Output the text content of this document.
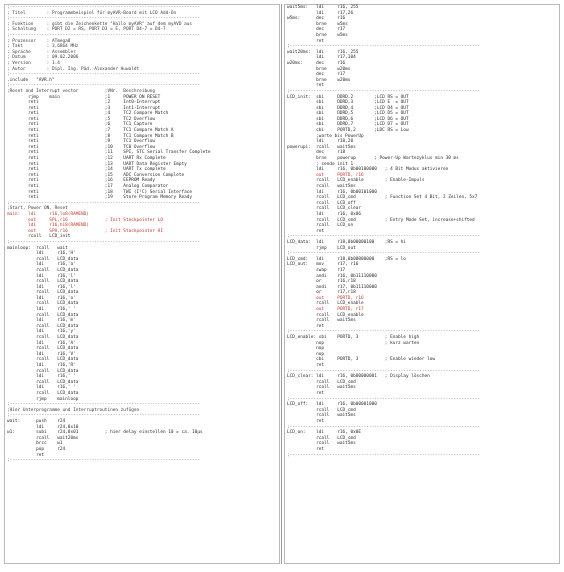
;------------------------------------------------------------------------
; Titel        : Programmbeispiel für myAVR-Board mit LCD Add-On
;------------------------------------------------------------------------
; Funktion     : gibt die Zeichenkette "Hallo myAVR" auf dem myAVD aus
; Schaltung    : PORT D2 = RS, PORT D3 = E, PORT D4-7 = D4-7
;------------------------------------------------------------------------
; Prozessor    : ATmega8
; Takt         : 3,6864 MHz
; Sprache      : Assembler
; Datum        : 09.02.2006
; Version      : 1.4
; Autor        : Dipl. Ing. Päd. Alexander Huwaldt
;------------------------------------------------------------------------
.include   "AVR.h"
;------------------------------------------------------------------------
;Reset and Interrupt vector          ;VNr.  Beschreibung
rjmp    main                 ;1     POWER ON RESET
reti                         ;2     Int0-Interrupt
reti                         ;3     Int1-Interrupt
reti                         ;4     TC2 Compare Match
reti                         ;5     TC2 Overflow
reti                         ;6     TC1 Capture
reti                         ;7     TC1 Compare Match A
reti                         ;8     TC1 Compare Match B
reti                         ;9     TC1 Overflow
reti                         ;10    TC0 Overflow
reti                         ;11    SPI, STC Serial Transfer Complete
reti                         ;12    UART Rx Complete
reti                         ;13    UART Data Register Empty
reti                         ;14    UART Tx complete
reti                         ;15    ADC Conversion Complete
reti                         ;16    EEPROM Ready
reti                         ;17    Analog Comparator
reti                         ;18    TWI (I²C) Serial Interface
reti                         ;19    Store Program Memory Ready
;------------------------------------------------------------------------
;Start, Power ON, Reset
main:   ldi     r16,lo8(RAMEND)
out     SPL,r16              ; Init Stackpointer LO
ldi     r16,hi8(RAMEND)
out     SPH,r16              ; Init Stackpointer HI
rcall   LCD_init
;------------------------------------------------------------------------
mainloop:  rcall   wait
ldi     r16,'H'
rcall   LCD_data
ldi     r16,'a'
rcall   LCD_data
ldi     r16,'l'
rcall   LCD_data
ldi     r16,'l'
rcall   LCD_data
ldi     r16,'o'
rcall   LCD_data
ldi     r16,' '
rcall   LCD_data
ldi     r16,'m'
rcall   LCD_data
ldi     r16,'y'
rcall   LCD_data
ldi     r16,'A'
rcall   LCD_data
ldi     r16,'V'
rcall   LCD_data
ldi     r16,'R'
rcall   LCD_data
ldi     r16,' '
rcall   LCD_data
ldi     r16,' '
rcall   LCD_data
rjmp    mainloop
;------------------------------------------------------------------------
;Hier Unterprogramme und Interruptroutinen zufügen
;------------------------------------------------------------------------
wait:      push    r24
ldi     r24,0x10
w1:        subi    r24,0x01          ; hier delay einstellen 10 = ca. 10µs
rcall   wait20ms
brcc    w1
pop     r24
ret
;------------------------------------------------------------------------
wait5ms:   ldi     r16, 255
ldi     r17,26
w5ms:      dec     r16
brne    w5ms
dec     r17
brne    w5ms
ret
;------------------------------------------------------------------------
wait20ms:  ldi     r16, 255
ldi     r17,104
w20ms:     dec     r16
brne    w20ms
dec     r17
brne    w20ms
ret
;------------------------------------------------------------------------
LCD_init:  sbi     DDRD,2        ;LCD RS = OUT
sbi     DDRD,3        ;LCD E  = OUT
sbi     DDRD,4        ;LCD D4 = OUT
sbi     DDRD,5        ;LCD D5 = OUT
sbi     DDRD,6        ;LCD D6 = OUT
sbi     DDRD,7        ;LCD D7 = OUT
cbi     PORTD,2       ;LDC RS = Low
;warte bis PowerUp
ldi     r18,20
powerupi:  rcall   wait5ms
dec     r18
brne    powerup       ; Power-Up Wartezyklus min 30 ms
; sende init 1
ldi     r16, 0b00100000   ; 4 Bit Modus aktivieren
out     PORTD, r16
rcall   LCD_enable        ; Enable-Impuls
rcall   wait5ms
ldi     r16, 0b00101000
rcall   LCD_cmd           ; Function Set 4 Bit, 2 Zeilen, 5x7
rcall   LCD_off
rcall   LCD_clear
ldi     r16, 0x06
rcall   LCD_cmd           ; Entry Mode Set, increase+shifted
rcall   LCD_on
ret
;------------------------------------------------------------------------
LCD_data:  ldi     r18,0b00000100    ;RS = hi
rjmp    LCD_out
;------------------------------------------------------------------------
LCD_cmd:   ldi     r18,0b00000000    ;RS = lo
LCD_out:   mov     r17, r16
swap    r17
andi    r16, 0b11110000
or      r16,r18
andi    r17, 0b11110000
or      r17,r18
out     PORTD, r16
rcall   LCD_enable
out     PORTD, r17
rcall   LCD_enable
rcall   wait5ms
ret
;------------------------------------------------------------------------
LCD_enable: sbi    PORTD, 3          ; Enable high
nop                       ; kurz warten
nop
nop
cbi     PORTD, 3          ; Enable wieder low
ret
;------------------------------------------------------------------------
LCD_clear: ldi     r16, 0b00000001   ; Display löschen
rcall   LCD_cmd
rcall   wait5ms
ret
;------------------------------------------------------------------------
LCD_off:   ldi     r16, 0b00001000
rcall   LCD_cmd
rcall   wait5ms
ret
;------------------------------------------------------------------------
LCD_on:    ldi     r16, 0x0E
rcall   LCD_cmd
rcall   wait5ms
ret
;------------------------------------------------------------------------
